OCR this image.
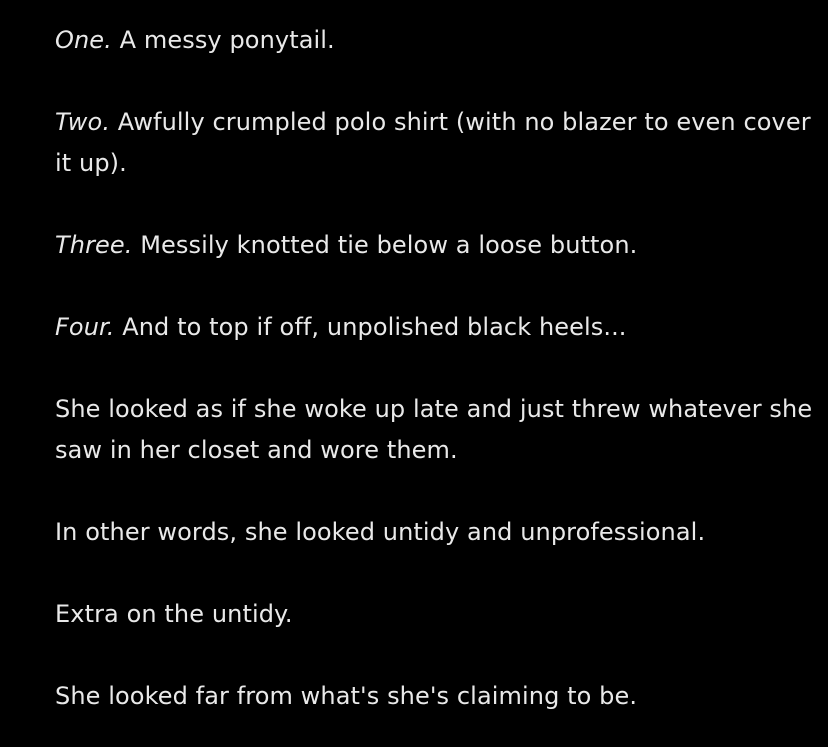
One. A messy ponytail.

Two. Awfully crumpled polo shirt (with no blazer to even cover it up).

Three. Messily knotted tie below a loose button.

Four. And to top if off, unpolished black heels...

She looked as if she woke up late and just threw whatever she saw in her closet and wore them.

In other words, she looked untidy and unprofessional.

Extra on the untidy.

She looked far from what's she's claiming to be.
